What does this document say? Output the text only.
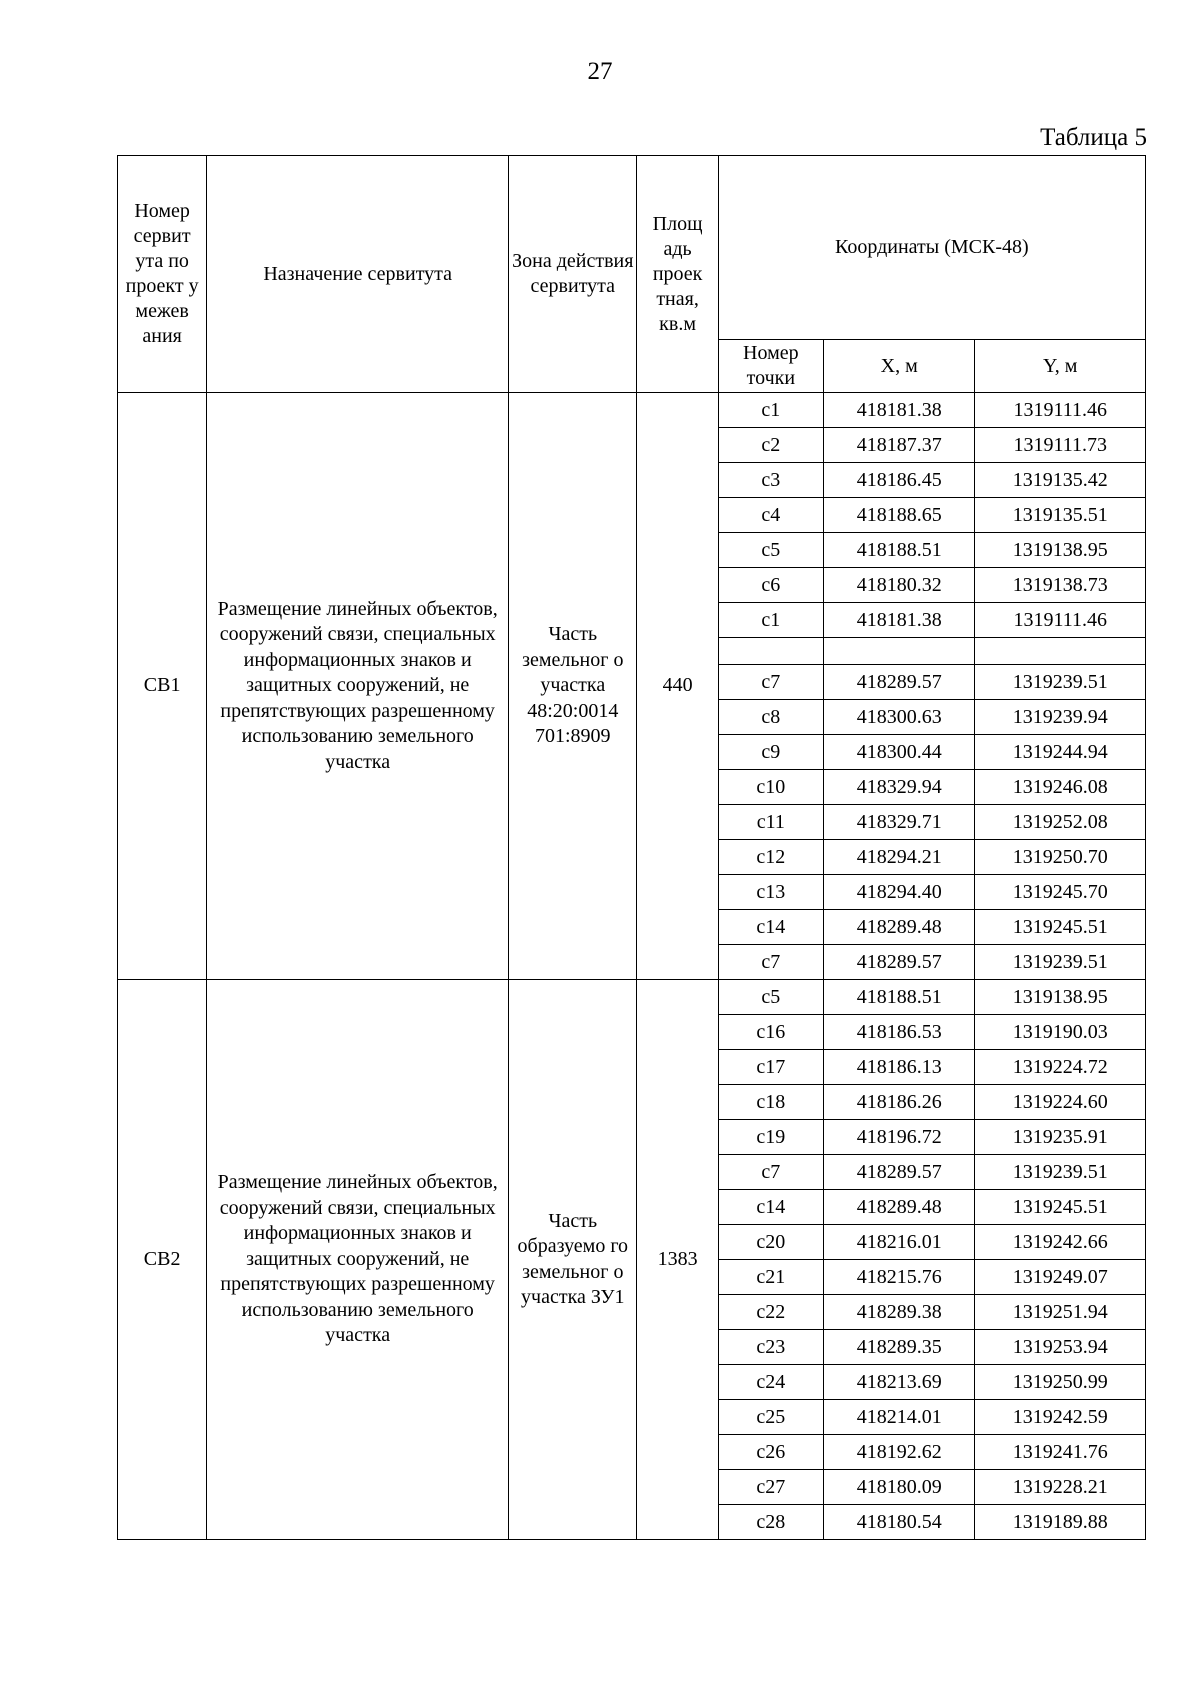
27
Таблица 5
Номер сервит ута по проект у межев ания	Назначение сервитута	Зона действия сервитута	Площ адь проек тная, кв.м	Координаты (МСК-48)		
				Номер точки	X, м	Y, м
СВ1	Размещение линейных объектов, сооружений связи, специальных информационных знаков и защитных сооружений, не препятствующих разрешенному использованию земельного участка	Часть земельног о участка 48:20:0014 701:8909	440	c1	418181.38	1319111.46
				c2	418187.37	1319111.73
				c3	418186.45	1319135.42
				c4	418188.65	1319135.51
				c5	418188.51	1319138.95
				c6	418180.32	1319138.73
				c1	418181.38	1319111.46

				c7	418289.57	1319239.51
				c8	418300.63	1319239.94
				c9	418300.44	1319244.94
				c10	418329.94	1319246.08
				c11	418329.71	1319252.08
				c12	418294.21	1319250.70
				c13	418294.40	1319245.70
				c14	418289.48	1319245.51
				c7	418289.57	1319239.51
СВ2	Размещение линейных объектов, сооружений связи, специальных информационных знаков и защитных сооружений, не препятствующих разрешенному использованию земельного участка	Часть образуемо го земельног о участка ЗУ1	1383	c5	418188.51	1319138.95
				c16	418186.53	1319190.03
				c17	418186.13	1319224.72
				c18	418186.26	1319224.60
				c19	418196.72	1319235.91
				c7	418289.57	1319239.51
				c14	418289.48	1319245.51
				c20	418216.01	1319242.66
				c21	418215.76	1319249.07
				c22	418289.38	1319251.94
				c23	418289.35	1319253.94
				c24	418213.69	1319250.99
				c25	418214.01	1319242.59
				c26	418192.62	1319241.76
				c27	418180.09	1319228.21
				c28	418180.54	1319189.88
